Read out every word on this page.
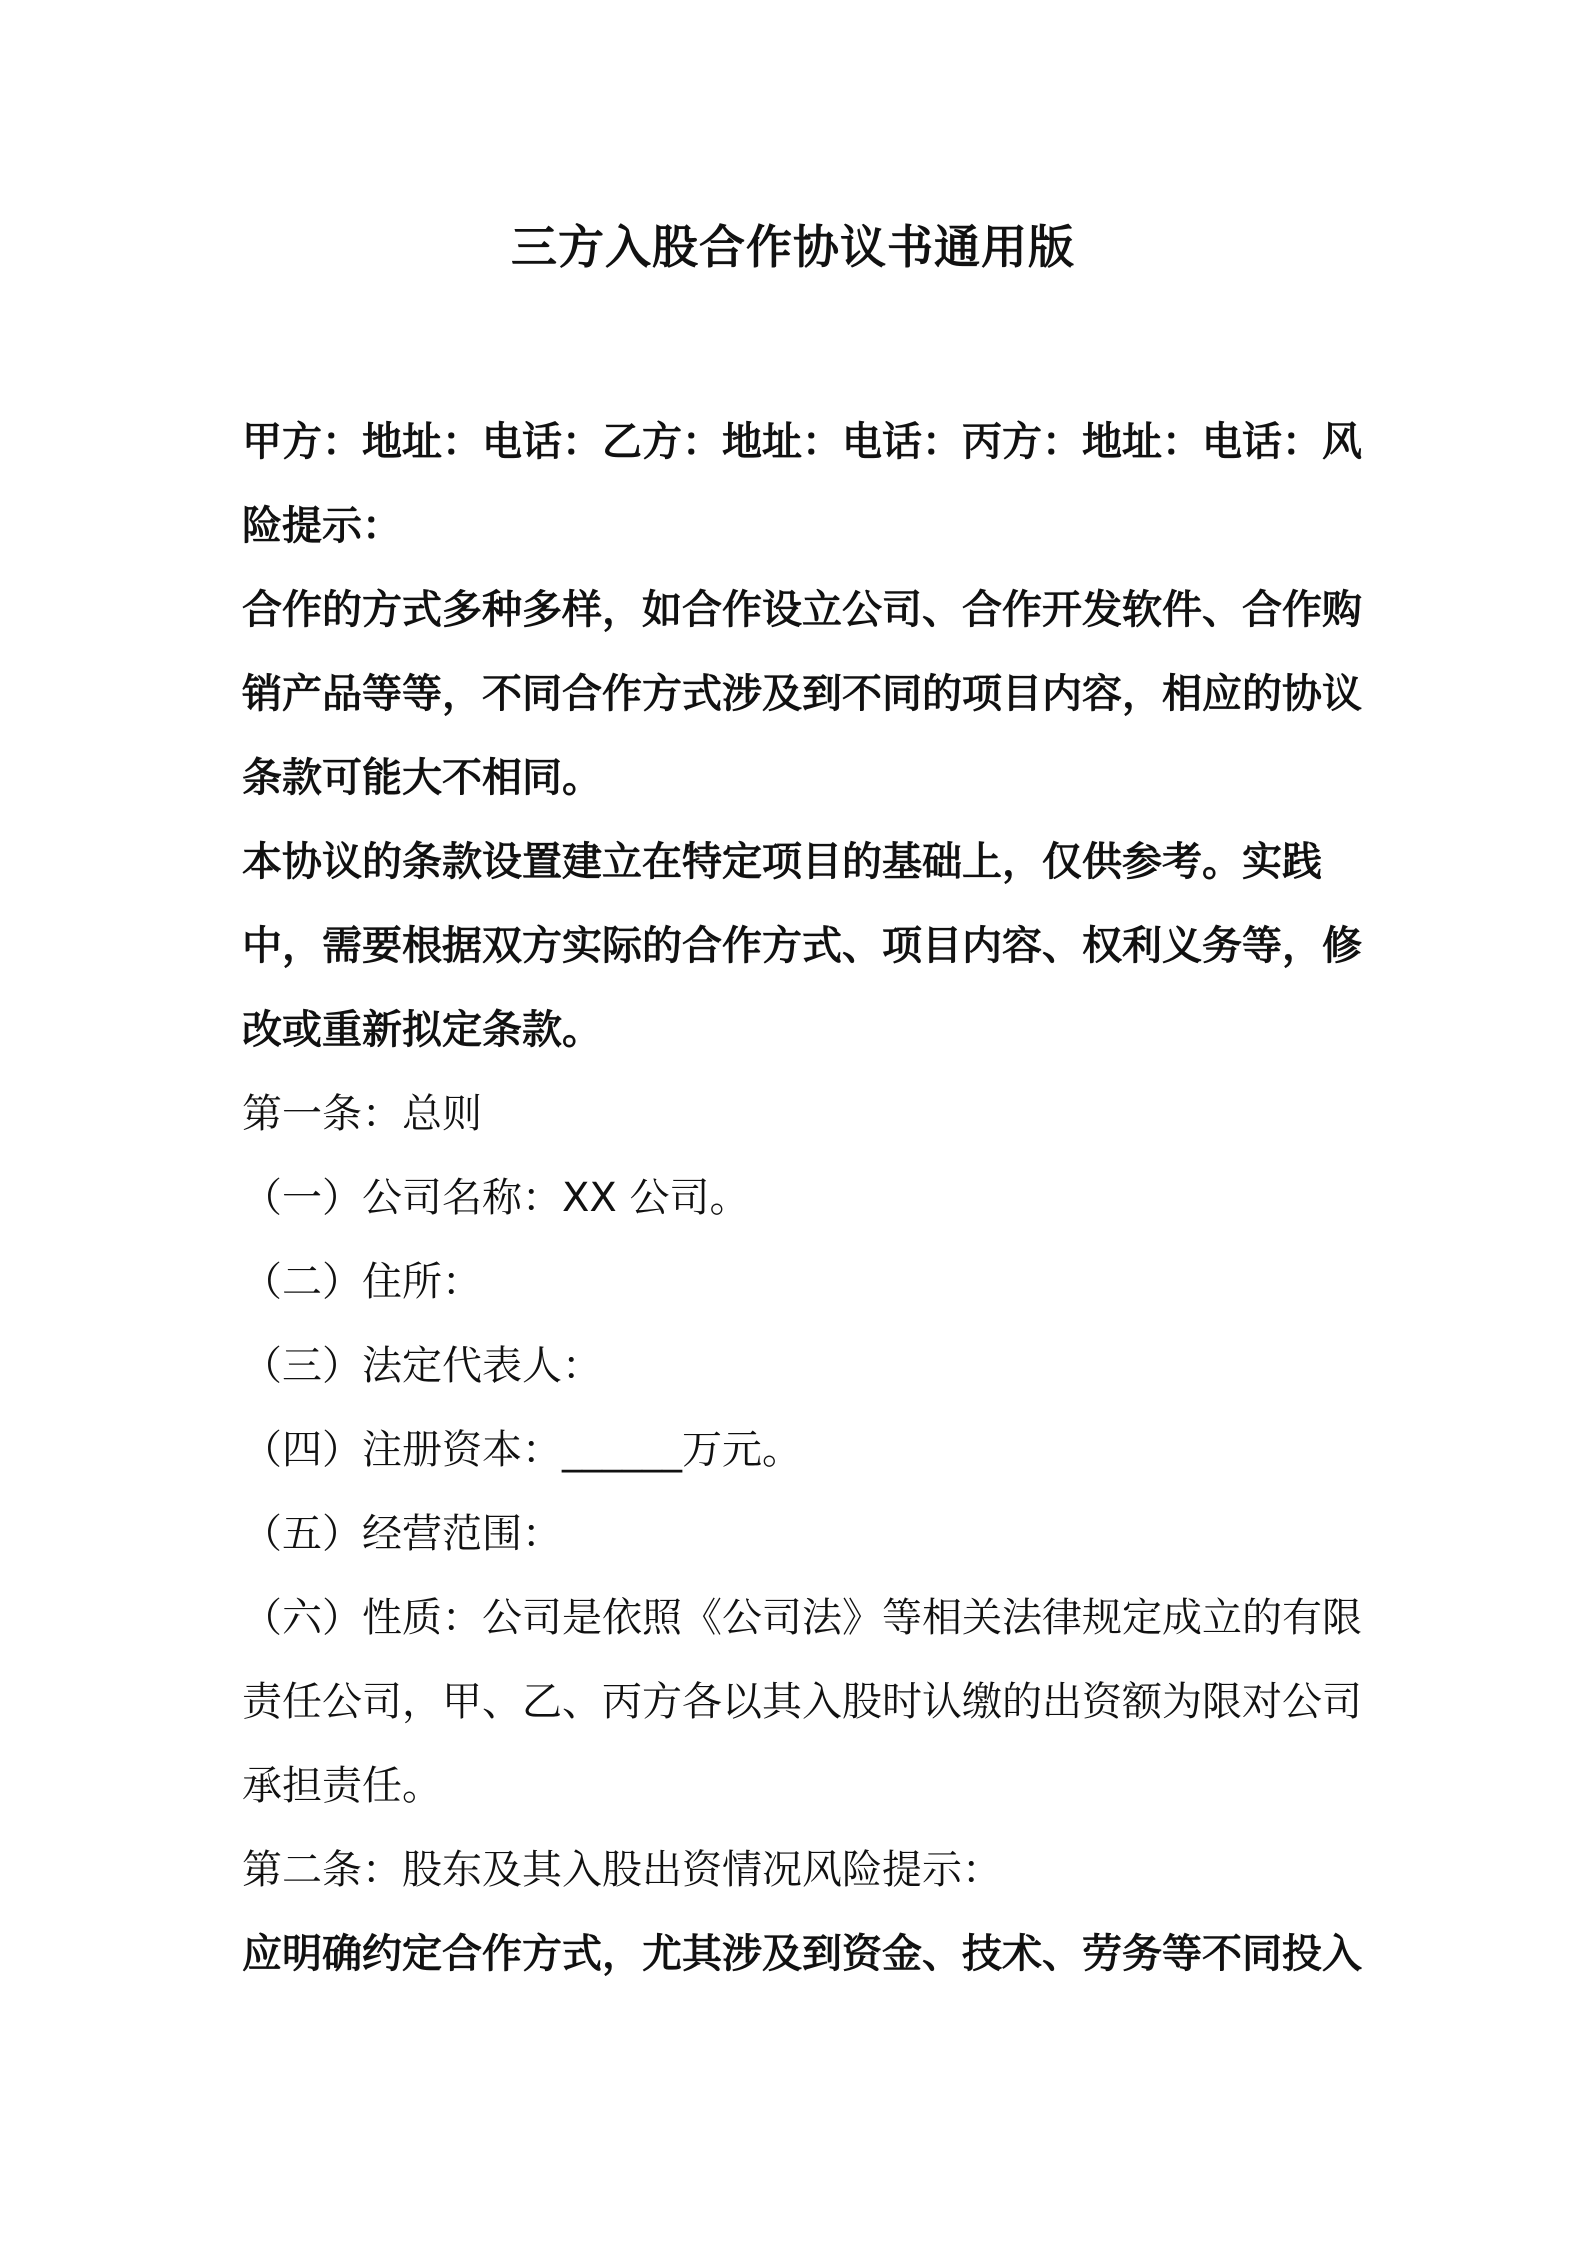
三方入股合作协议书通用版

甲方：地址：电话：乙方：地址：电话：丙方：地址：电话：风险提示：

合作的方式多种多样，如合作设立公司、合作开发软件、合作购销产品等等，不同合作方式涉及到不同的项目内容，相应的协议条款可能大不相同。

本协议的条款设置建立在特定项目的基础上，仅供参考。实践中，需要根据双方实际的合作方式、项目内容、权利义务等，修改或重新拟定条款。

第一条：总则

（一）公司名称：XX 公司。

（二）住所：

（三）法定代表人：

（四）注册资本：______万元。

（五）经营范围：

（六）性质：公司是依照《公司法》等相关法律规定成立的有限责任公司，甲、乙、丙方各以其入股时认缴的出资额为限对公司承担责任。

第二条：股东及其入股出资情况风险提示：

应明确约定合作方式，尤其涉及到资金、技术、劳务等不同投入
